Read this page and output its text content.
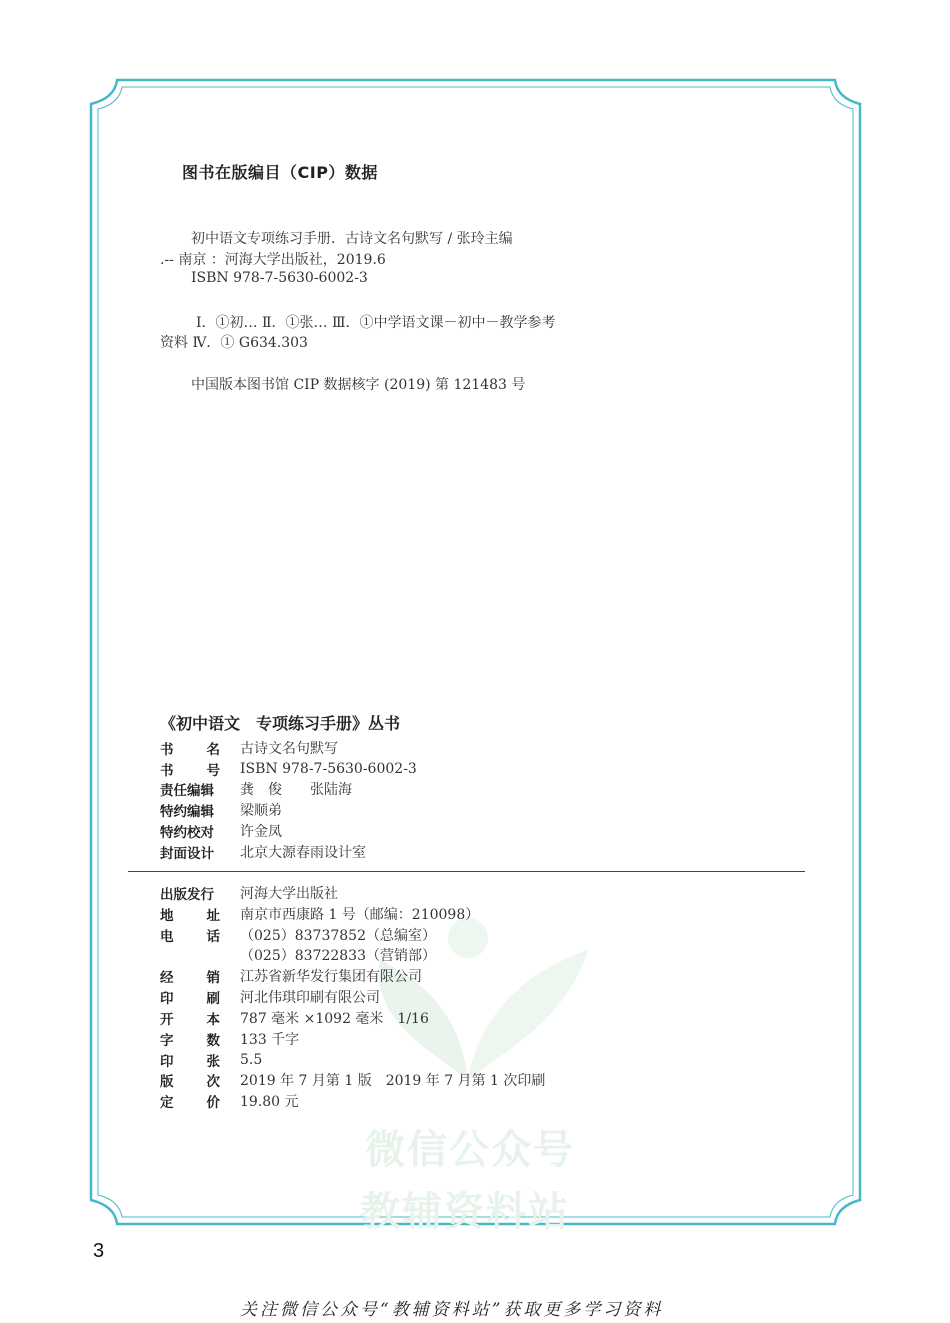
微信公众号
教辅资料站
图书在版编目（CIP）数据
初中语文专项练习手册．古诗文名句默写 / 张玲主编
.-- 南京 ：河海大学出版社，2019.6
ISBN 978-7-5630-6002-3
Ⅰ．①初… Ⅱ．①张… Ⅲ．①中学语文课－初中－教学参考
资料 Ⅳ．① G634.303
中国版本图书馆 CIP 数据核字 (2019) 第 121483 号
《初中语文　专项练习手册》丛书
书 名 古诗文名句默写
书 号 ISBN 978-7-5630-6002-3
责任编辑	龚　俊　　张陆海
特约编辑	梁顺弟
特约校对	许金凤
封面设计	北京大源春雨设计室
出版发行	河海大学出版社
地 址 南京市西康路 1 号（邮编：210098）
电 话 （025）83737852（总编室）
（025）83722833（营销部）
经 销 江苏省新华发行集团有限公司
印 刷 河北伟琪印刷有限公司
开 本 787 毫米 ×1092 毫米　1/16
字 数 133 千字
印 张 5.5
版 次 2019 年 7 月第 1 版　2019 年 7 月第 1 次印刷
定 价 19.80 元
3
关注微信公众号“教辅资料站”获取更多学习资料
